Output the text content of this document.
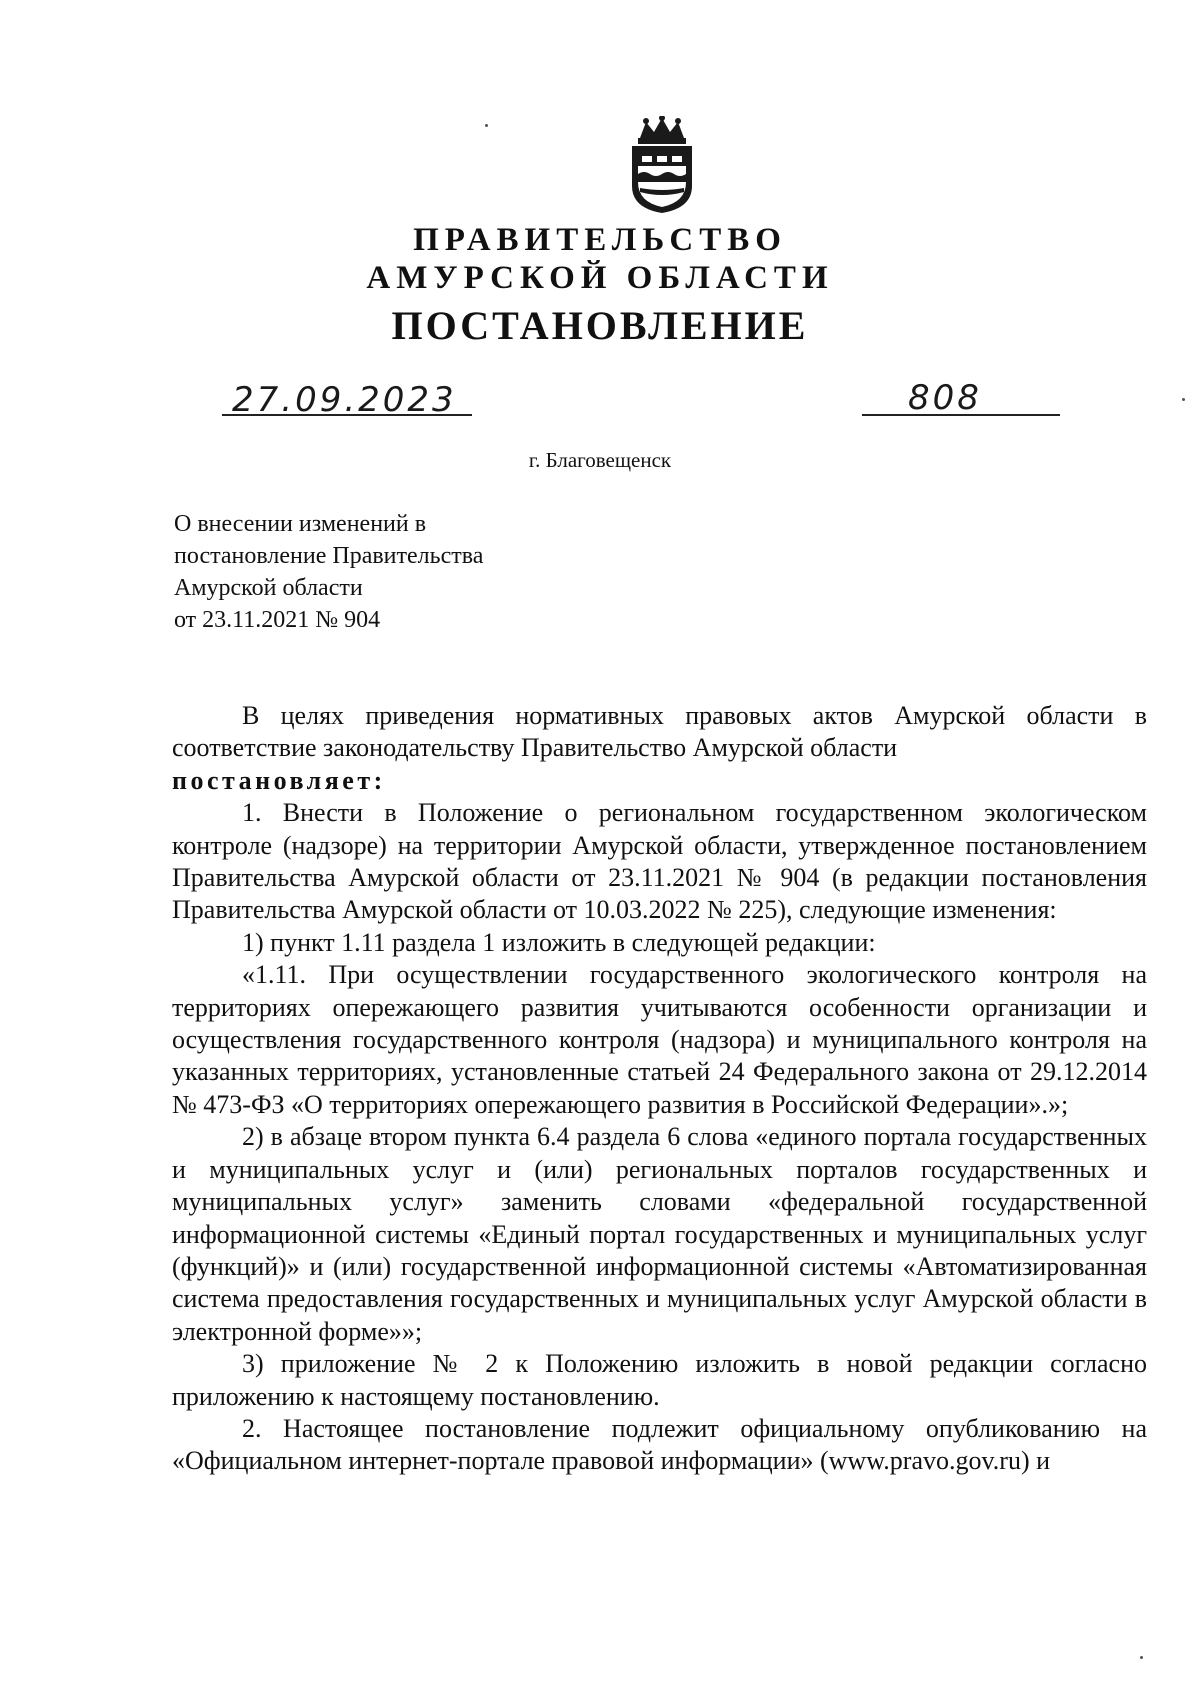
ПРАВИТЕЛЬСТВО
АМУРСКОЙ ОБЛАСТИ
ПОСТАНОВЛЕНИЕ
27.09.2023	808
г. Благовещенск
О внесении изменений в
постановление Правительства
Амурской области
от 23.11.2021 № 904

В целях приведения нормативных правовых актов Амурской области в соответствие законодательству Правительство Амурской области

постановляет:

1. Внести в Положение о региональном государственном экологическом контроле (надзоре) на территории Амурской области, утвержденное постановлением Правительства Амурской области от 23.11.2021 № 904 (в редакции постановления Правительства Амурской области от 10.03.2022 № 225), следующие изменения:

1) пункт 1.11 раздела 1 изложить в следующей редакции:

«1.11. При осуществлении государственного экологического контроля на территориях опережающего развития учитываются особенности организации и осуществления государственного контроля (надзора) и муниципального контроля на указанных территориях, установленные статьей 24 Федерального закона от 29.12.2014 № 473-ФЗ «О территориях опережающего развития в Российской Федерации».»;

2) в абзаце втором пункта 6.4 раздела 6 слова «единого портала государственных и муниципальных услуг и (или) региональных порталов государственных и муниципальных услуг» заменить словами «федеральной государственной информационной системы «Единый портал государственных и муниципальных услуг (функций)» и (или) государственной информационной системы «Автоматизированная система предоставления государственных и муниципальных услуг Амурской области в электронной форме»»;

3) приложение № 2 к Положению изложить в новой редакции согласно приложению к настоящему постановлению.

2. Настоящее постановление подлежит официальному опубликованию на «Официальном интернет-портале правовой информации» (www.pravo.gov.ru) и
